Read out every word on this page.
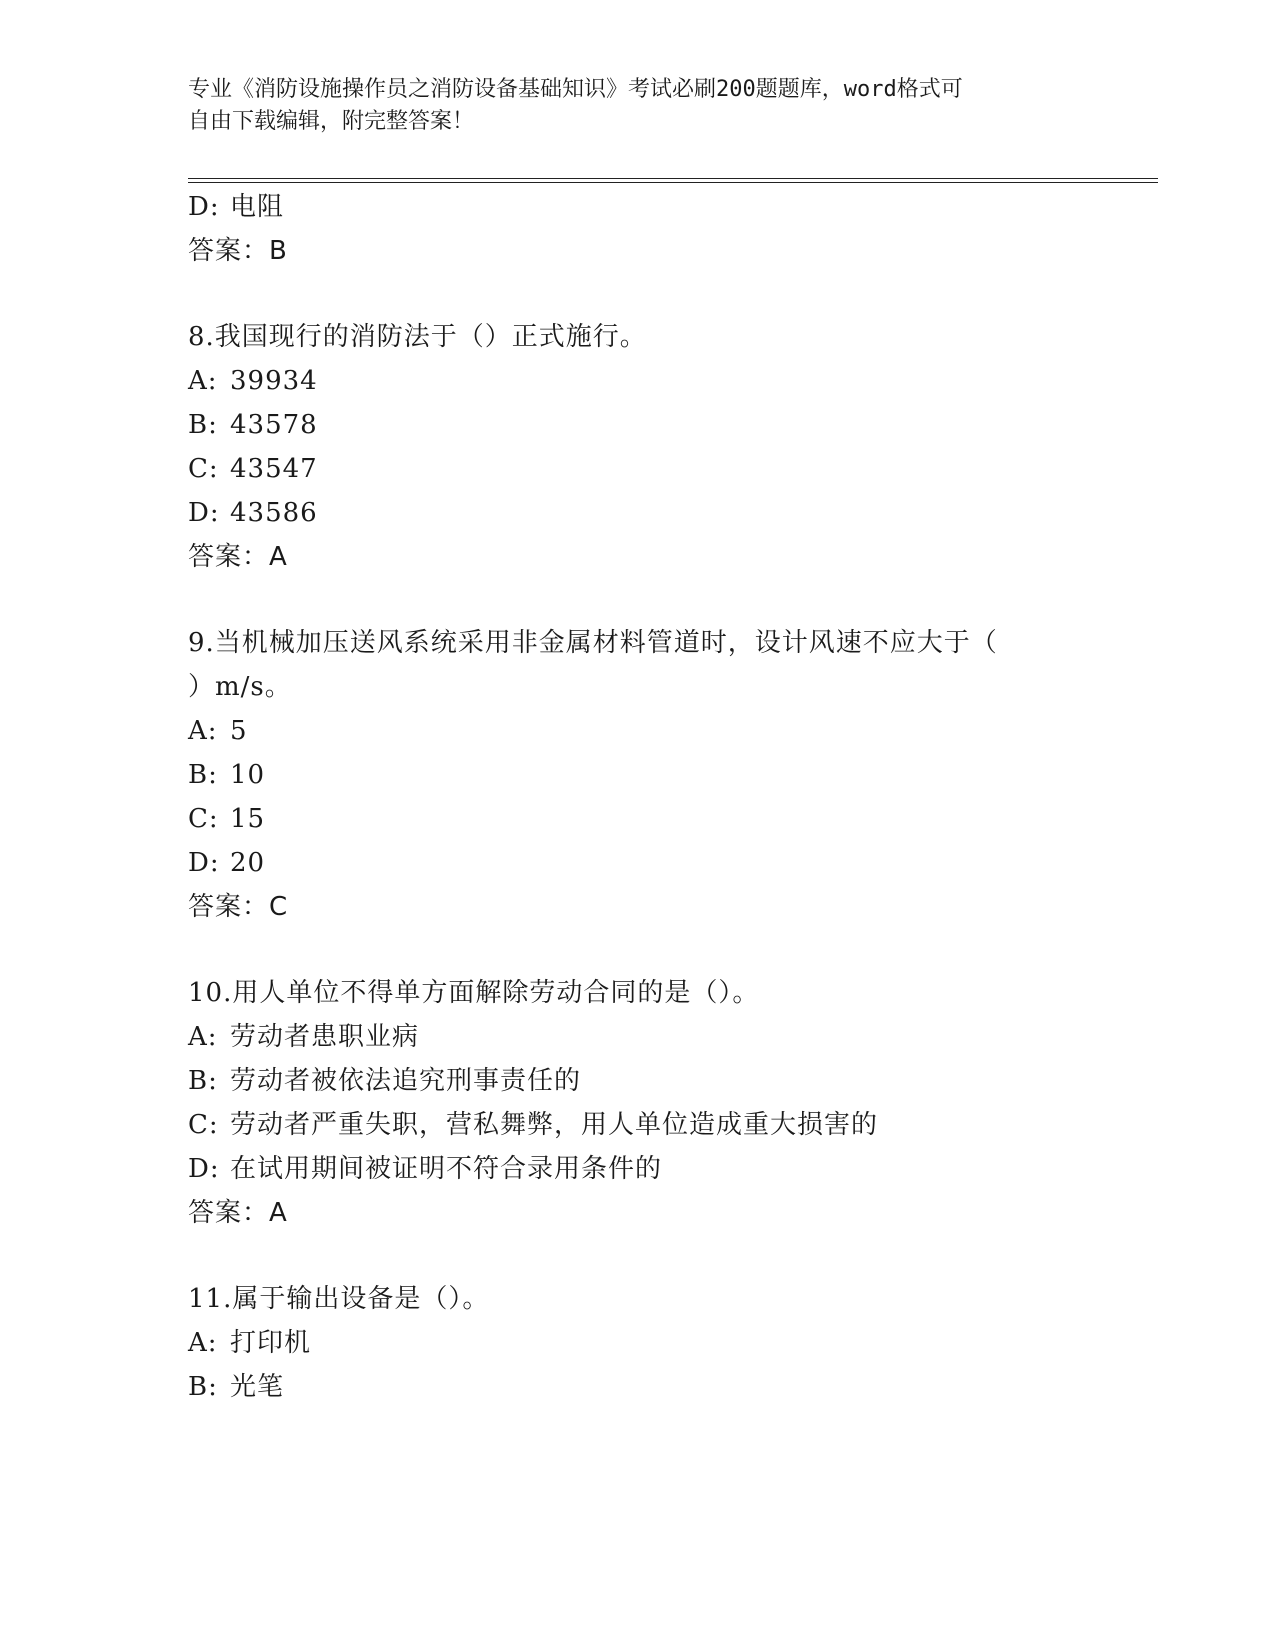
专业《消防设施操作员之消防设备基础知识》考试必刷200题题库，word格式可
自由下载编辑，附完整答案！
D: 电阻
答案：B
8.我国现行的消防法于（）正式施行。
A: 39934
B: 43578
C: 43547
D: 43586
答案：A
9.当机械加压送风系统采用非金属材料管道时，设计风速不应大于（
）m/s。
A: 5
B: 10
C: 15
D: 20
答案：C
10.用人单位不得单方面解除劳动合同的是（）。
A: 劳动者患职业病
B: 劳动者被依法追究刑事责任的
C: 劳动者严重失职，营私舞弊，用人单位造成重大损害的
D: 在试用期间被证明不符合录用条件的
答案：A
11.属于输出设备是（）。
A: 打印机
B: 光笔
